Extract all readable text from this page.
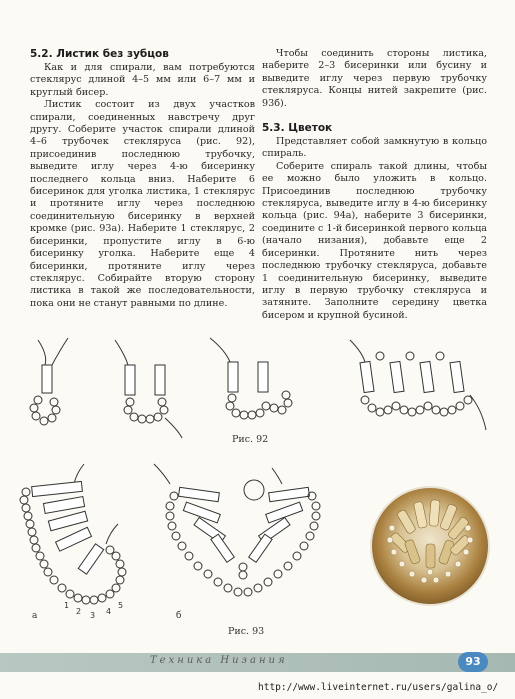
5.2. Листик без зубцов

Как и для спирали, вам потребуются стеклярус длиной 4–5 мм или 6–7 мм и круглый бисер.

Листик состоит из двух участков спирали, соединенных навстречу друг другу. Соберите участок спирали длиной 4–6 трубочек стекляруса (рис. 92), присоединив последнюю трубочку, выведите иглу через 4-ю бисеринку последнего кольца вниз. Наберите 6 бисеринок для уголка листика, 1 стеклярус и протяните иглу через последнюю соединительную бисеринку в верхней кромке (рис. 93а). Наберите 1 стеклярус, 2 бисеринки, пропустите иглу в 6-ю бисеринку уголка. Наберите еще 4 бисеринки, протяните иглу через стеклярус. Собирайте вторую сторону листика в такой же последовательности, пока они не станут равными по длине.

Чтобы соединить стороны листика, наберите 2–3 бисеринки или бусину и выведите иглу через первую трубочку стеклярусa. Концы нитей закрепите (рис. 93б).

5.3. Цветок

Представляет собой замкнутую в кольцо спираль.

Соберите спираль такой длины, чтобы ее можно было уложить в кольцо. Присоединив последнюю трубочку стеклярусa, выведите иглу в 4-ю бисеринку кольца (рис. 94а), наберите 3 бисеринки, соедините с 1-й бисеринкой первого кольца (начало низания), добавьте еще 2 бисеринки. Протяните нить через последнюю трубочку стеклярусa, добавьте 1 соединительную бисеринку, выведите иглу в первую трубочку стеклярусa и затяните. Заполните середину цветка бисером и крупной бусиной.

Рис. 92
а	б
1
2 3 4
5
Рис. 93
Техника Низания	93
http://www.liveinternet.ru/users/galina_o/
